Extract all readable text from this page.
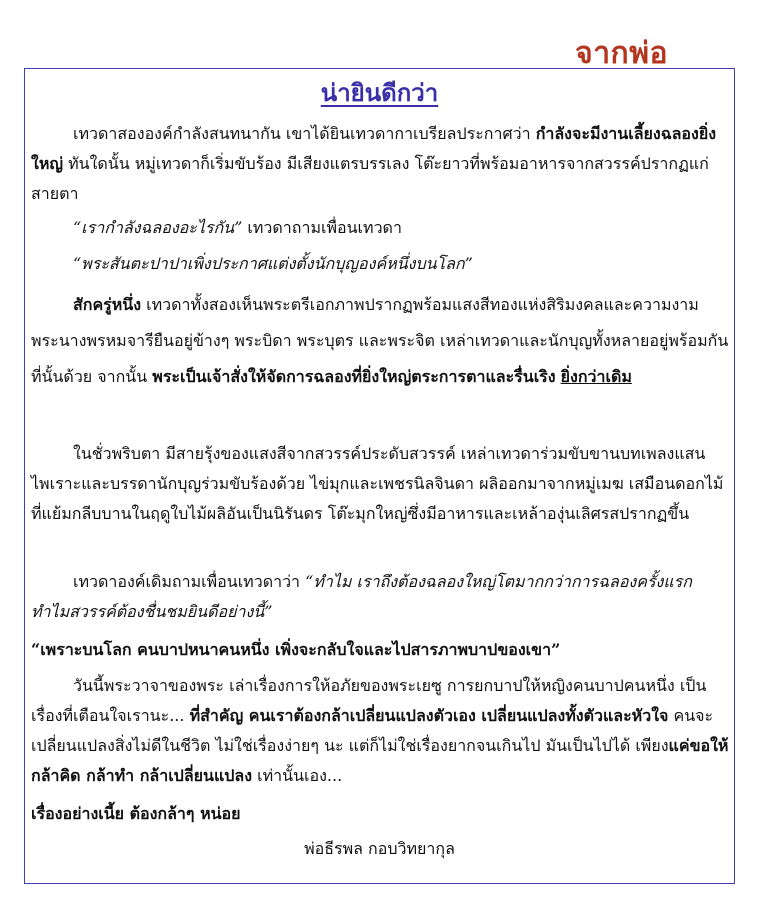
จากพ่อ
น่ายินดีกว่า
เทวดาสององค์กำลังสนทนากัน เขาได้ยินเทวดากาเบรียลประกาศว่า กำลังจะมีงานเลี้ยงฉลองยิ่งใหญ่ ทันใดนั้น หมู่เทวดาก็เริ่มขับร้อง มีเสียงแตรบรรเลง โต๊ะยาวที่พร้อมอาหารจากสวรรค์ปรากฏแก่สายตา
“เรากำลังฉลองอะไรกัน” เทวดาถามเพื่อนเทวดา
“พระสันตะปาปาเพิ่งประกาศแต่งตั้งนักบุญองค์หนึ่งบนโลก”
สักครู่หนึ่ง เทวดาทั้งสองเห็นพระตรีเอกภาพปรากฏพร้อมแสงสีทองแห่งสิริมงคลและความงาม พระนางพรหมจารียืนอยู่ข้างๆ พระบิดา พระบุตร และพระจิต เหล่าเทวดาและนักบุญทั้งหลายอยู่พร้อมกันที่นั้นด้วย จากนั้น พระเป็นเจ้าสั่งให้จัดการฉลองที่ยิ่งใหญ่ตระการตาและรื่นเริง ยิ่งกว่าเดิม
ในชั่วพริบตา มีสายรุ้งของแสงสีจากสวรรค์ประดับสวรรค์ เหล่าเทวดาร่วมขับขานบทเพลงแสนไพเราะและบรรดานักบุญร่วมขับร้องด้วย ไข่มุกและเพชรนิลจินดา ผลิออกมาจากหมู่เมฆ เสมือนดอกไม้ที่แย้มกลีบบานในฤดูใบไม้ผลิอันเป็นนิรันดร โต๊ะมุกใหญ่ซึ่งมีอาหารและเหล้าองุ่นเลิศรสปรากฏขึ้น
เทวดาองค์เดิมถามเพื่อนเทวดาว่า “ทำไม เราถึงต้องฉลองใหญ่โตมากกว่าการฉลองครั้งแรก ทำไมสวรรค์ต้องชื่นชมยินดีอย่างนี้”
“เพราะบนโลก คนบาปหนาคนหนึ่ง เพิ่งจะกลับใจและไปสารภาพบาปของเขา”
วันนี้พระวาจาของพระ เล่าเรื่องการให้อภัยของพระเยซู การยกบาปให้หญิงคนบาปคนหนึ่ง เป็นเรื่องที่เตือนใจเรานะ... ที่สำคัญ คนเราต้องกล้าเปลี่ยนแปลงตัวเอง เปลี่ยนแปลงทั้งตัวและหัวใจ คนจะเปลี่ยนแปลงสิ่งไม่ดีในชีวิต ไม่ใช่เรื่องง่ายๆ นะ แต่ก็ไม่ใช่เรื่องยากจนเกินไป มันเป็นไปได้ เพียงแค่ขอให้กล้าคิด กล้าทำ กล้าเปลี่ยนแปลง เท่านั้นเอง...
เรื่องอย่างเนี้ย ต้องกล้าๆ หน่อย
พ่อธีรพล กอบวิทยากุล
